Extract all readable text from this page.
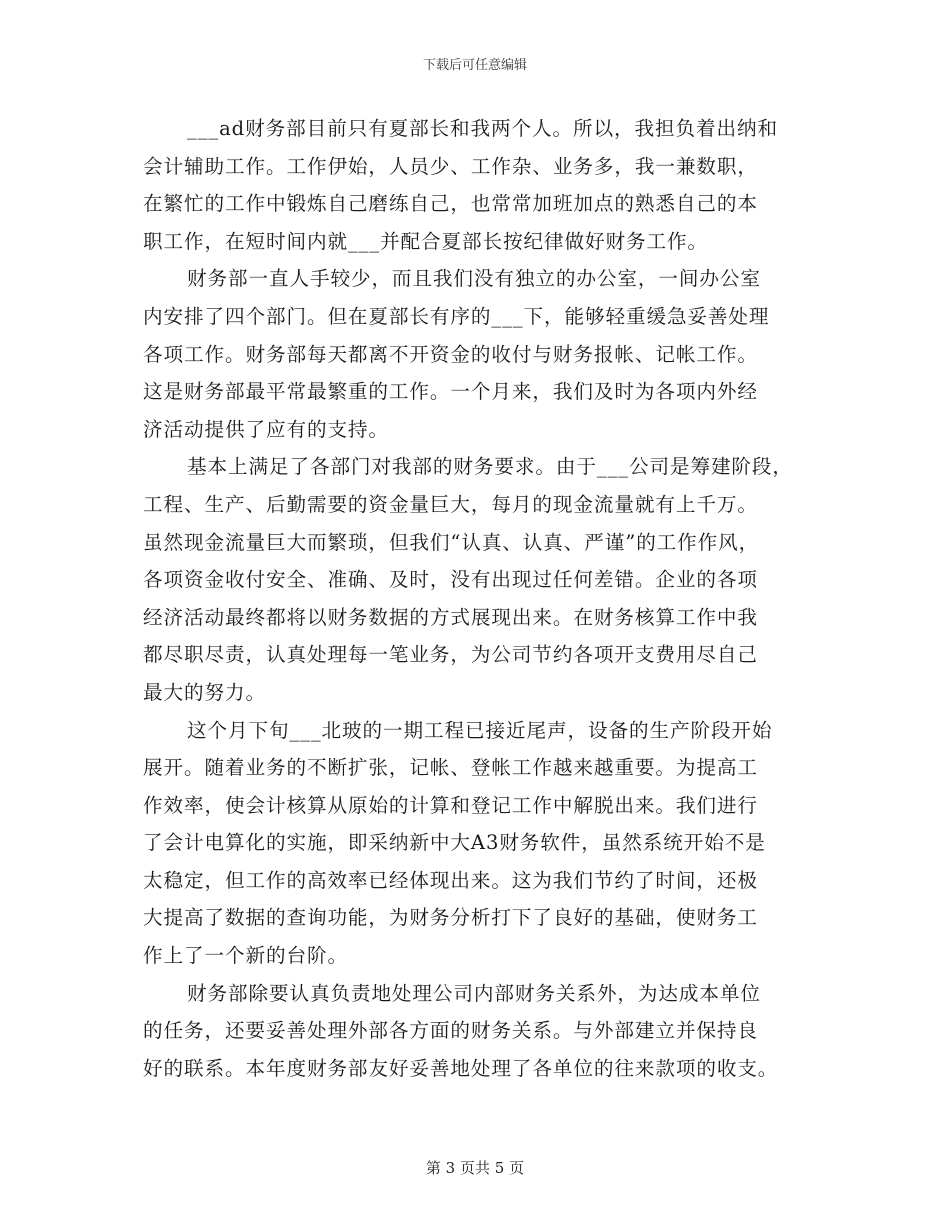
下载后可任意编辑

___ad财务部目前只有夏部长和我两个人。所以，我担负着出纳和
会计辅助工作。工作伊始，人员少、工作杂、业务多，我一兼数职，
在繁忙的工作中锻炼自己磨练自己，也常常加班加点的熟悉自己的本
职工作，在短时间内就___并配合夏部长按纪律做好财务工作。

财务部一直人手较少，而且我们没有独立的办公室，一间办公室
内安排了四个部门。但在夏部长有序的___下，能够轻重缓急妥善处理
各项工作。财务部每天都离不开资金的收付与财务报帐、记帐工作。
这是财务部最平常最繁重的工作。一个月来，我们及时为各项内外经
济活动提供了应有的支持。

基本上满足了各部门对我部的财务要求。由于___公司是筹建阶段，
工程、生产、后勤需要的资金量巨大，每月的现金流量就有上千万。
虽然现金流量巨大而繁琐，但我们“认真、认真、严谨”的工作作风，
各项资金收付安全、准确、及时，没有出现过任何差错。企业的各项
经济活动最终都将以财务数据的方式展现出来。在财务核算工作中我
都尽职尽责，认真处理每一笔业务，为公司节约各项开支费用尽自己
最大的努力。

这个月下旬___北玻的一期工程已接近尾声，设备的生产阶段开始
展开。随着业务的不断扩张，记帐、登帐工作越来越重要。为提高工
作效率，使会计核算从原始的计算和登记工作中解脱出来。我们进行
了会计电算化的实施，即采纳新中大A3财务软件，虽然系统开始不是
太稳定，但工作的高效率已经体现出来。这为我们节约了时间，还极
大提高了数据的查询功能，为财务分析打下了良好的基础，使财务工
作上了一个新的台阶。

财务部除要认真负责地处理公司内部财务关系外，为达成本单位
的任务，还要妥善处理外部各方面的财务关系。与外部建立并保持良
好的联系。本年度财务部友好妥善地处理了各单位的往来款项的收支。

第 3 页共 5 页
